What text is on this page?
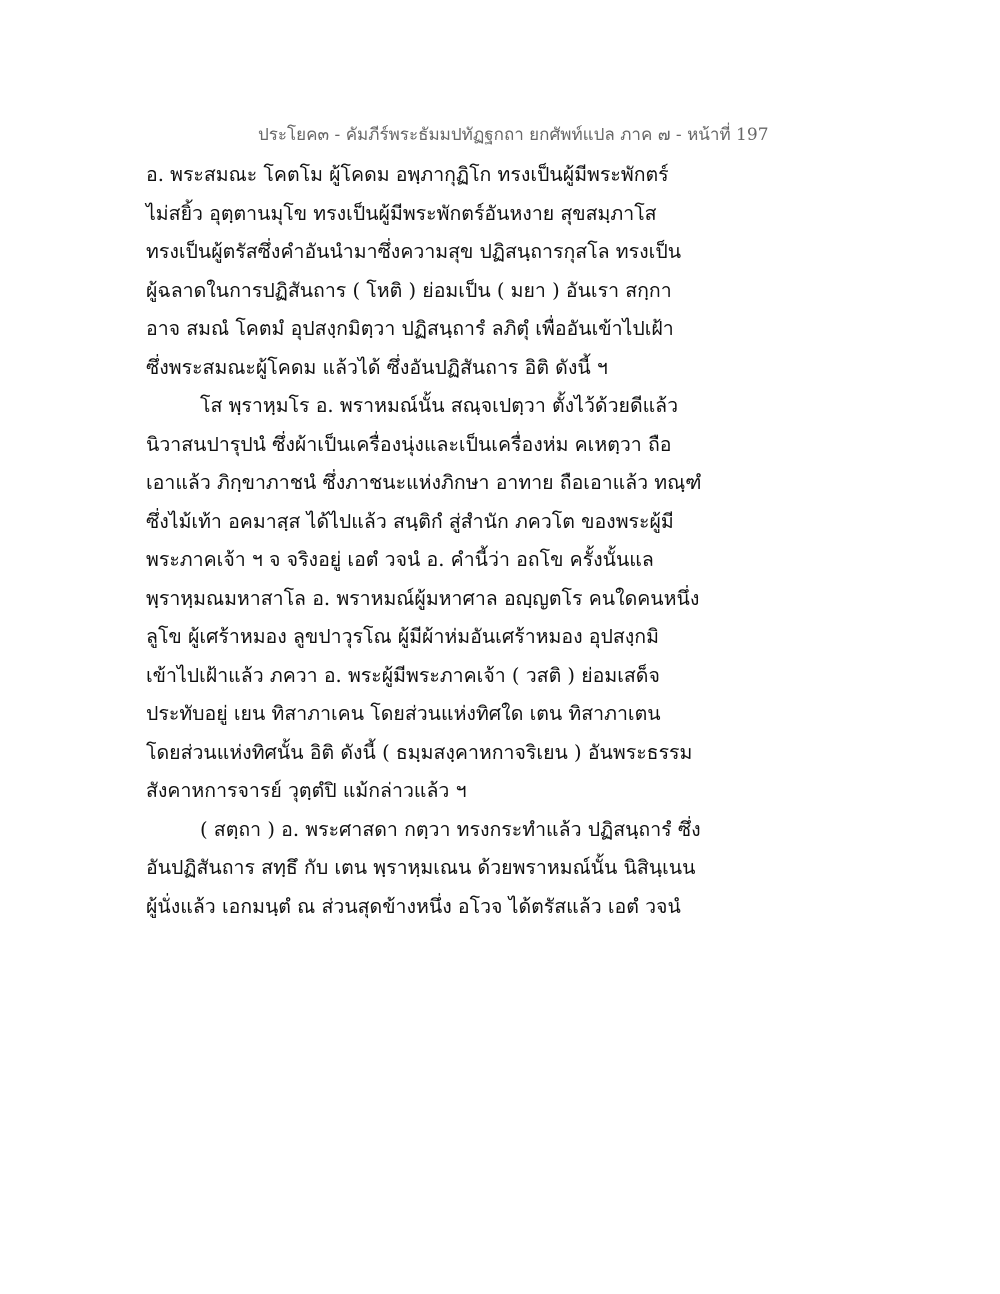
ประโยค๓ - คัมภีร์พระธัมมปทัฏฐกถา ยกศัพท์แปล ภาค ๗ - หน้าที่ 197
อ. พระสมณะ โคตโม ผู้โคดม อพฺภากุฏิโก ทรงเป็นผู้มีพระพักตร์
ไม่สยิ้ว อุตฺตานมุโข ทรงเป็นผู้มีพระพักตร์อันหงาย สุขสมฺภาโส
ทรงเป็นผู้ตรัสซึ่งคำอันนำมาซึ่งความสุข ปฏิสนฺถารกุสโล ทรงเป็น
ผู้ฉลาดในการปฏิสันถาร ( โหติ ) ย่อมเป็น ( มยา ) อันเรา สกฺกา
อาจ สมณํ โคตมํ อุปสงฺกมิตฺวา ปฏิสนฺถารํ ลภิตุํ เพื่ออันเข้าไปเฝ้า
ซึ่งพระสมณะผู้โคดม แล้วได้ ซึ่งอันปฏิสันถาร อิติ ดังนี้ ฯ
โส พฺราหฺมโร อ. พราหมณ์นั้น สณฺจเปตฺวา ตั้งไว้ด้วยดีแล้ว
นิวาสนปารุปนํ ซึ่งผ้าเป็นเครื่องนุ่งและเป็นเครื่องห่ม คเหตฺวา ถือ
เอาแล้ว ภิกฺขาภาชนํ ซึ่งภาชนะแห่งภิกษา อาทาย ถือเอาแล้ว ทณฺฑํ
ซึ่งไม้เท้า อคมาสฺส ได้ไปแล้ว สนฺติกํ สู่สำนัก ภควโต ของพระผู้มี
พระภาคเจ้า ฯ จ จริงอยู่ เอตํ วจนํ อ. คำนี้ว่า อถโข ครั้งนั้นแล
พฺราหฺมณมหาสาโล อ. พราหมณ์ผู้มหาศาล อญฺญตโร คนใดคนหนึ่ง
ลูโข ผู้เศร้าหมอง ลูขปาวุรโณ ผู้มีผ้าห่มอันเศร้าหมอง อุปสงฺกมิ
เข้าไปเฝ้าแล้ว ภควา อ. พระผู้มีพระภาคเจ้า ( วสติ ) ย่อมเสด็จ
ประทับอยู่ เยน ทิสาภาเคน โดยส่วนแห่งทิศใด เตน ทิสาภาเตน
โดยส่วนแห่งทิศนั้น อิติ ดังนี้ ( ธมฺมสงฺคาหกาจริเยน ) อันพระธรรม
สังคาหการจารย์ วุตฺตํปิ แม้กล่าวแล้ว ฯ
( สตฺถา ) อ. พระศาสดา กตฺวา ทรงกระทำแล้ว ปฏิสนฺถารํ ซึ่ง
อันปฏิสันถาร สทฺธึ กับ เตน พฺราหฺมเณน ด้วยพราหมณ์นั้น นิสินฺเนน
ผู้นั่งแล้ว เอกมนฺตํ ณ ส่วนสุดข้างหนึ่ง อโวจ ได้ตรัสแล้ว เอตํ วจนํ
